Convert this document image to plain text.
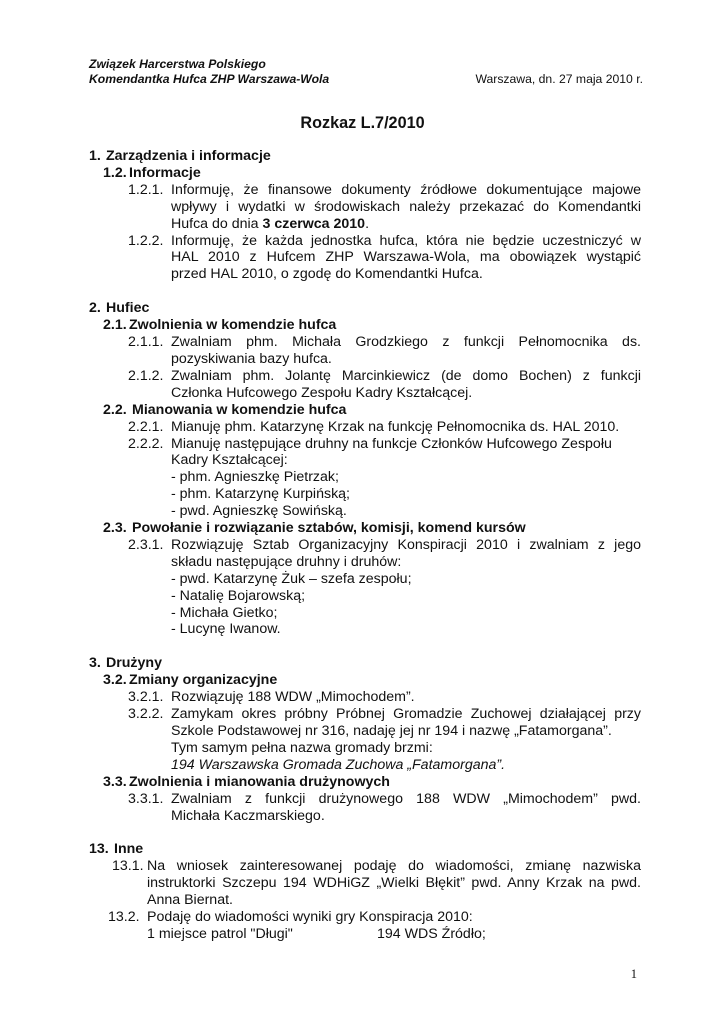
Związek Harcerstwa Polskiego
Komendantka Hufca ZHP Warszawa-Wola	Warszawa, dn. 27 maja 2010 r.
Rozkaz L.7/2010
1. Zarządzenia i informacje
1.2. Informacje
1.2.1. Informuję, że finansowe dokumenty źródłowe dokumentujące majowe
wpływy i wydatki w środowiskach należy przekazać do Komendantki
Hufca do dnia 3 czerwca 2010.
1.2.2. Informuję, że każda jednostka hufca, która nie będzie uczestniczyć w
HAL 2010 z Hufcem ZHP Warszawa-Wola, ma obowiązek wystąpić
przed HAL 2010, o zgodę do Komendantki Hufca.
2. Hufiec
2.1. Zwolnienia w komendzie hufca
2.1.1. Zwalniam phm. Michała Grodzkiego z funkcji Pełnomocnika ds.
pozyskiwania bazy hufca.
2.1.2. Zwalniam phm. Jolantę Marcinkiewicz (de domo Bochen) z funkcji
Członka Hufcowego Zespołu Kadry Kształcącej.
2.2. Mianowania w komendzie hufca
2.2.1. Mianuję phm. Katarzynę Krzak na funkcję Pełnomocnika ds. HAL 2010.
2.2.2. Mianuję następujące druhny na funkcje Członków Hufcowego Zespołu
Kadry Kształcącej:
- phm. Agnieszkę Pietrzak;
- phm. Katarzynę Kurpińską;
- pwd. Agnieszkę Sowińską.
2.3. Powołanie i rozwiązanie sztabów, komisji, komend kursów
2.3.1. Rozwiązuję Sztab Organizacyjny Konspiracji 2010 i zwalniam z jego
składu następujące druhny i druhów:
- pwd. Katarzynę Żuk – szefa zespołu;
- Natalię Bojarowską;
- Michała Gietko;
- Lucynę Iwanow.
3. Drużyny
3.2. Zmiany organizacyjne
3.2.1. Rozwiązuję 188 WDW „Mimochodem”.
3.2.2. Zamykam okres próbny Próbnej Gromadzie Zuchowej działającej przy
Szkole Podstawowej nr 316, nadaję jej nr 194 i nazwę „Fatamorgana”.
Tym samym pełna nazwa gromady brzmi:
194 Warszawska Gromada Zuchowa „Fatamorgana”.
3.3. Zwolnienia i mianowania drużynowych
3.3.1. Zwalniam z funkcji drużynowego 188 WDW „Mimochodem” pwd.
Michała Kaczmarskiego.
13. Inne
13.1. Na wniosek zainteresowanej podaję do wiadomości, zmianę nazwiska
instruktorki Szczepu 194 WDHiGZ „Wielki Błękit” pwd. Anny Krzak na pwd.
Anna Biernat.
13.2. Podaję do wiadomości wyniki gry Konspiracja 2010:
1 miejsce patrol "Długi"	194 WDS Źródło;
1
